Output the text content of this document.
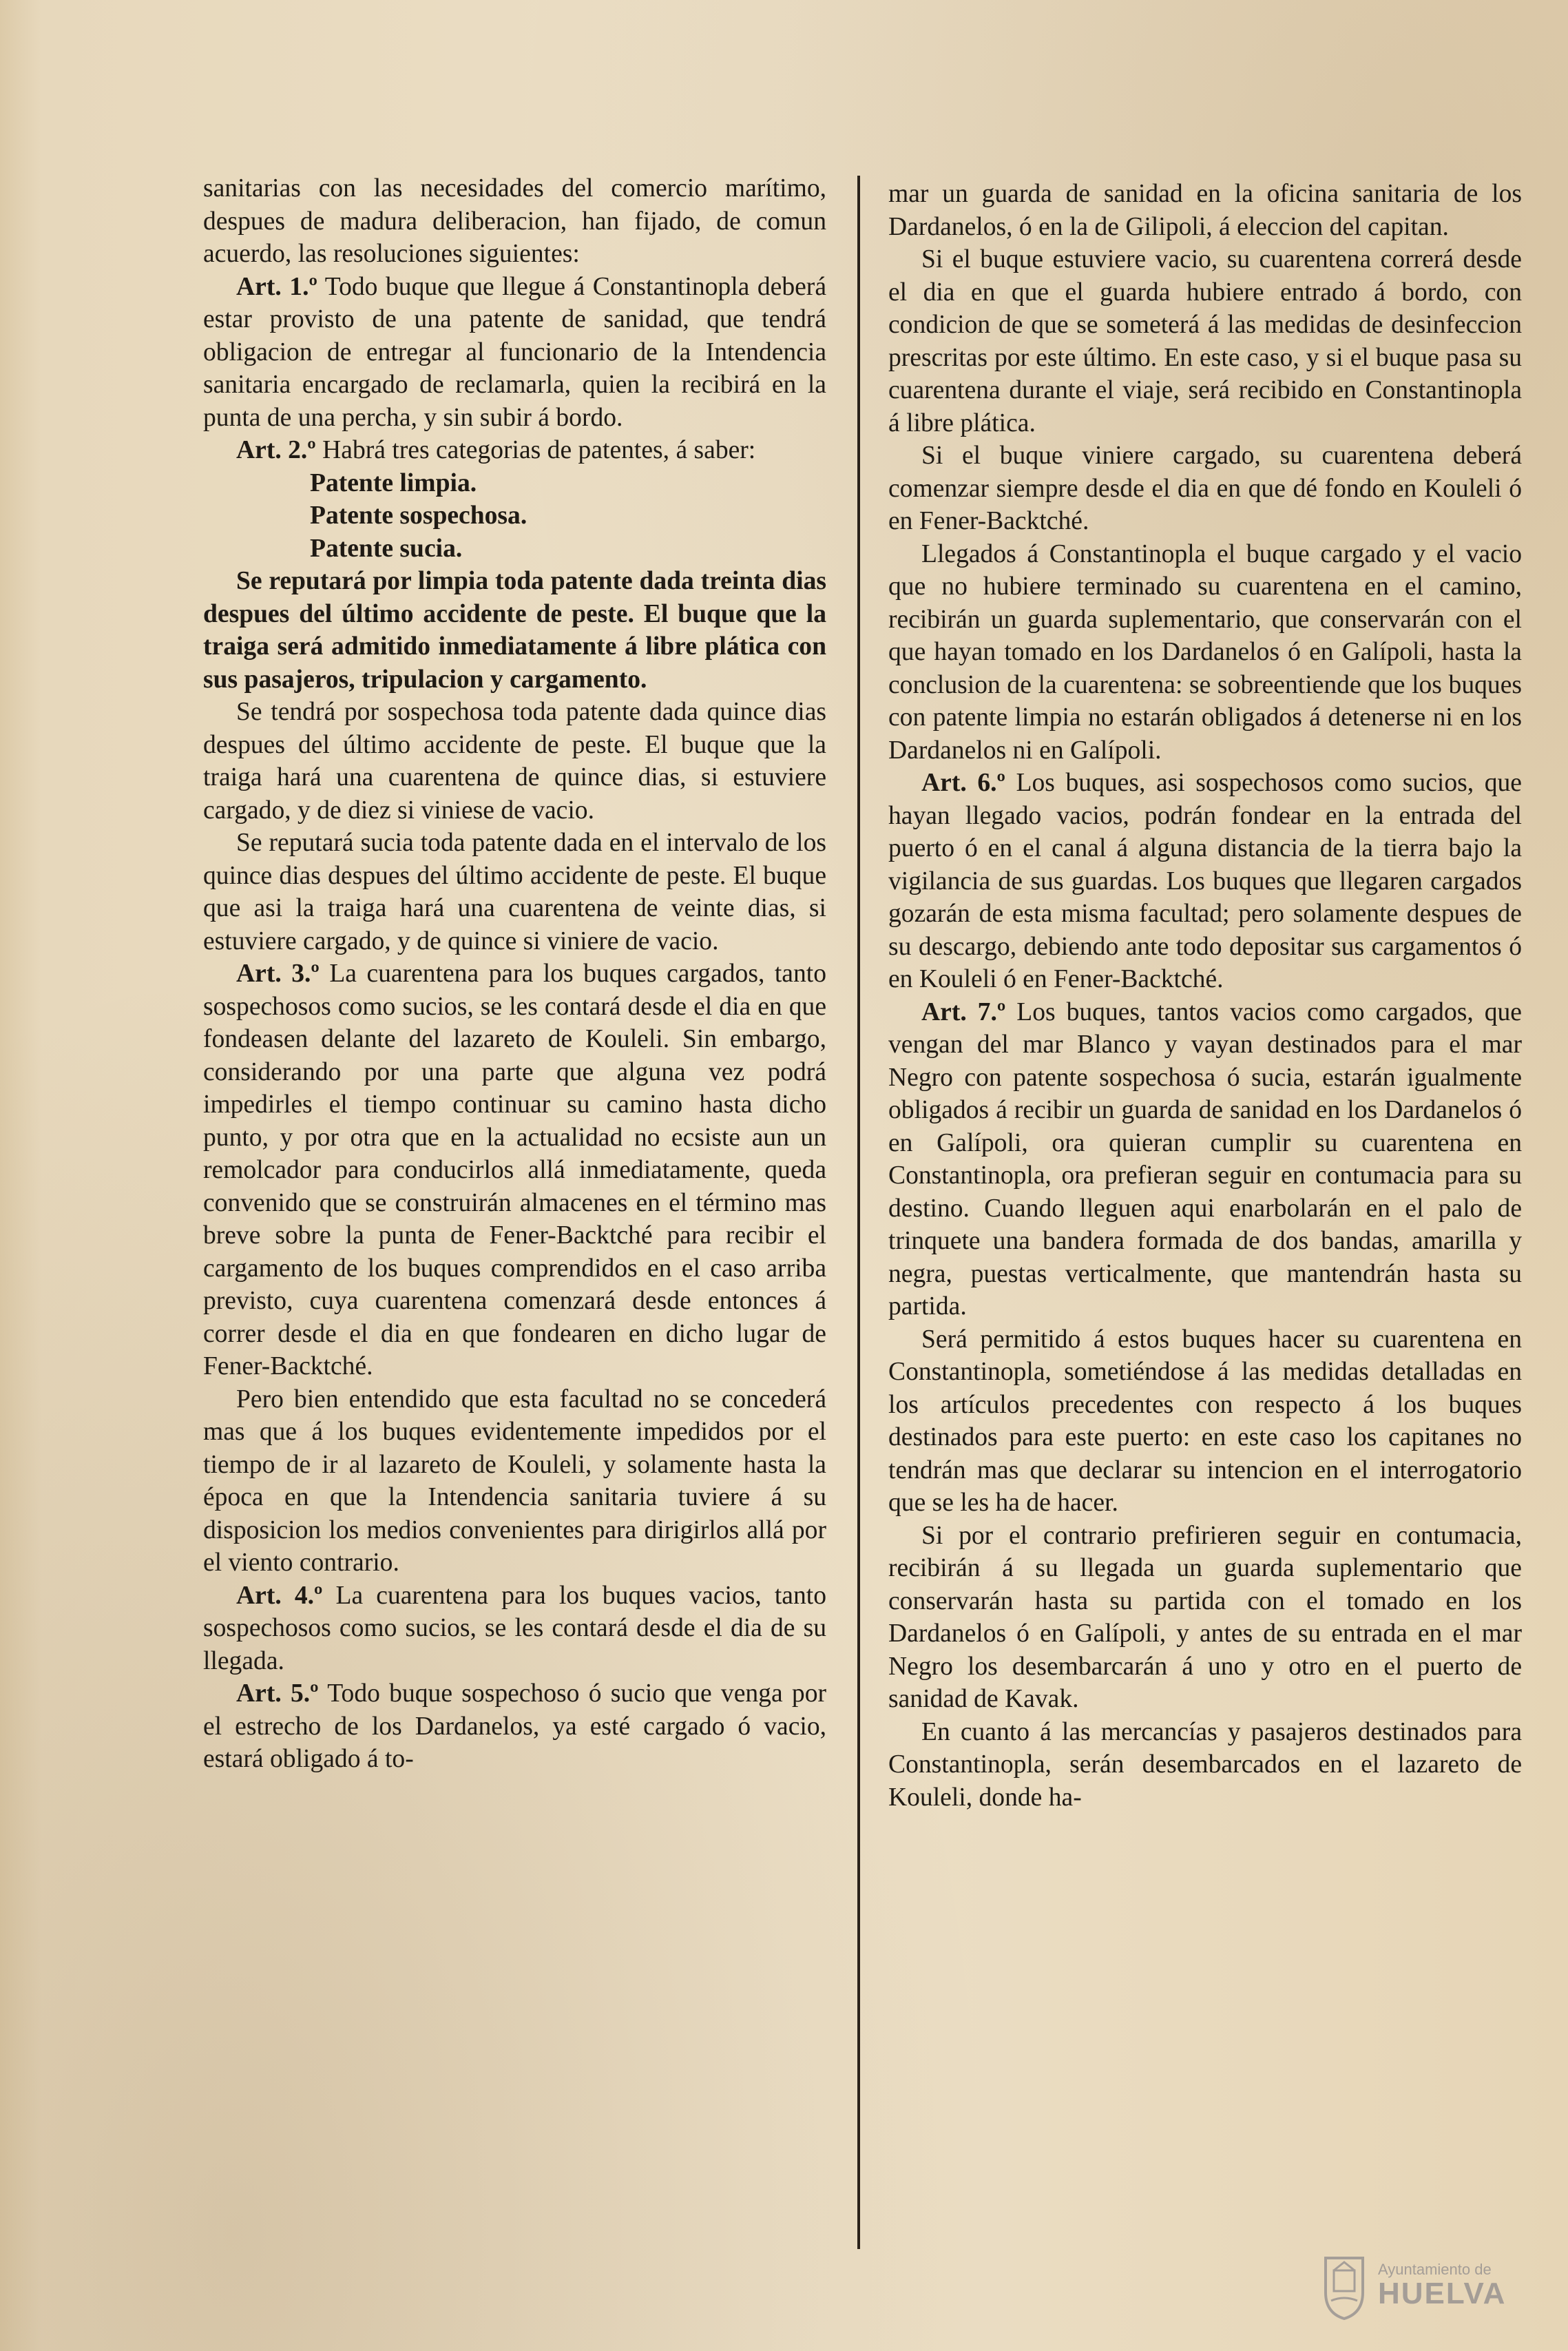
sanitarias con las necesidades del comercio marítimo, despues de madura deliberacion, han fijado, de comun acuerdo, las resoluciones siguientes:

Art. 1.º Todo buque que llegue á Constantinopla deberá estar provisto de una patente de sanidad, que tendrá obligacion de entregar al funcionario de la Intendencia sanitaria encargado de reclamarla, quien la recibirá en la punta de una percha, y sin subir á bordo.

Art. 2.º Habrá tres categorias de patentes, á saber:

Patente limpia.

Patente sospechosa.

Patente sucia.

Se reputará por limpia toda patente dada treinta dias despues del último accidente de peste. El buque que la traiga será admitido inmediatamente á libre plática con sus pasajeros, tripulacion y cargamento.

Se tendrá por sospechosa toda patente dada quince dias despues del último accidente de peste. El buque que la traiga hará una cuarentena de quince dias, si estuviere cargado, y de diez si viniese de vacio.

Se reputará sucia toda patente dada en el intervalo de los quince dias despues del último accidente de peste. El buque que asi la traiga hará una cuarentena de veinte dias, si estuviere cargado, y de quince si viniere de vacio.

Art. 3.º La cuarentena para los buques cargados, tanto sospechosos como sucios, se les contará desde el dia en que fondeasen delante del lazareto de Kouleli. Sin embargo, considerando por una parte que alguna vez podrá impedirles el tiempo continuar su camino hasta dicho punto, y por otra que en la actualidad no ecsiste aun un remolcador para conducirlos allá inmediatamente, queda convenido que se construirán almacenes en el término mas breve sobre la punta de Fener-Backtché para recibir el cargamento de los buques comprendidos en el caso arriba previsto, cuya cuarentena comenzará desde entonces á correr desde el dia en que fondearen en dicho lugar de Fener-Backtché.

Pero bien entendido que esta facultad no se concederá mas que á los buques evidentemente impedidos por el tiempo de ir al lazareto de Kouleli, y solamente hasta la época en que la Intendencia sanitaria tuviere á su disposicion los medios convenientes para dirigirlos allá por el viento contrario.

Art. 4.º La cuarentena para los buques vacios, tanto sospechosos como sucios, se les contará desde el dia de su llegada.

Art. 5.º Todo buque sospechoso ó sucio que venga por el estrecho de los Dardanelos, ya esté cargado ó vacio, estará obligado á to-

mar un guarda de sanidad en la oficina sanitaria de los Dardanelos, ó en la de Gilipoli, á eleccion del capitan.

Si el buque estuviere vacio, su cuarentena correrá desde el dia en que el guarda hubiere entrado á bordo, con condicion de que se someterá á las medidas de desinfeccion prescritas por este último. En este caso, y si el buque pasa su cuarentena durante el viaje, será recibido en Constantinopla á libre plática.

Si el buque viniere cargado, su cuarentena deberá comenzar siempre desde el dia en que dé fondo en Kouleli ó en Fener-Backtché.

Llegados á Constantinopla el buque cargado y el vacio que no hubiere terminado su cuarentena en el camino, recibirán un guarda suplementario, que conservarán con el que hayan tomado en los Dardanelos ó en Galípoli, hasta la conclusion de la cuarentena: se sobreentiende que los buques con patente limpia no estarán obligados á detenerse ni en los Dardanelos ni en Galípoli.

Art. 6.º Los buques, asi sospechosos como sucios, que hayan llegado vacios, podrán fondear en la entrada del puerto ó en el canal á alguna distancia de la tierra bajo la vigilancia de sus guardas. Los buques que llegaren cargados gozarán de esta misma facultad; pero solamente despues de su descargo, debiendo ante todo depositar sus cargamentos ó en Kouleli ó en Fener-Backtché.

Art. 7.º Los buques, tantos vacios como cargados, que vengan del mar Blanco y vayan destinados para el mar Negro con patente sospechosa ó sucia, estarán igualmente obligados á recibir un guarda de sanidad en los Dardanelos ó en Galípoli, ora quieran cumplir su cuarentena en Constantinopla, ora prefieran seguir en contumacia para su destino. Cuando lleguen aqui enarbolarán en el palo de trinquete una bandera formada de dos bandas, amarilla y negra, puestas verticalmente, que mantendrán hasta su partida.

Será permitido á estos buques hacer su cuarentena en Constantinopla, sometiéndose á las medidas detalladas en los artículos precedentes con respecto á los buques destinados para este puerto: en este caso los capitanes no tendrán mas que declarar su intencion en el interrogatorio que se les ha de hacer.

Si por el contrario prefirieren seguir en contumacia, recibirán á su llegada un guarda suplementario que conservarán hasta su partida con el tomado en los Dardanelos ó en Galípoli, y antes de su entrada en el mar Negro los desembarcarán á uno y otro en el puerto de sanidad de Kavak.

En cuanto á las mercancías y pasajeros destinados para Constantinopla, serán desembarcados en el lazareto de Kouleli, donde ha-

Ayuntamiento de
HUELVA
